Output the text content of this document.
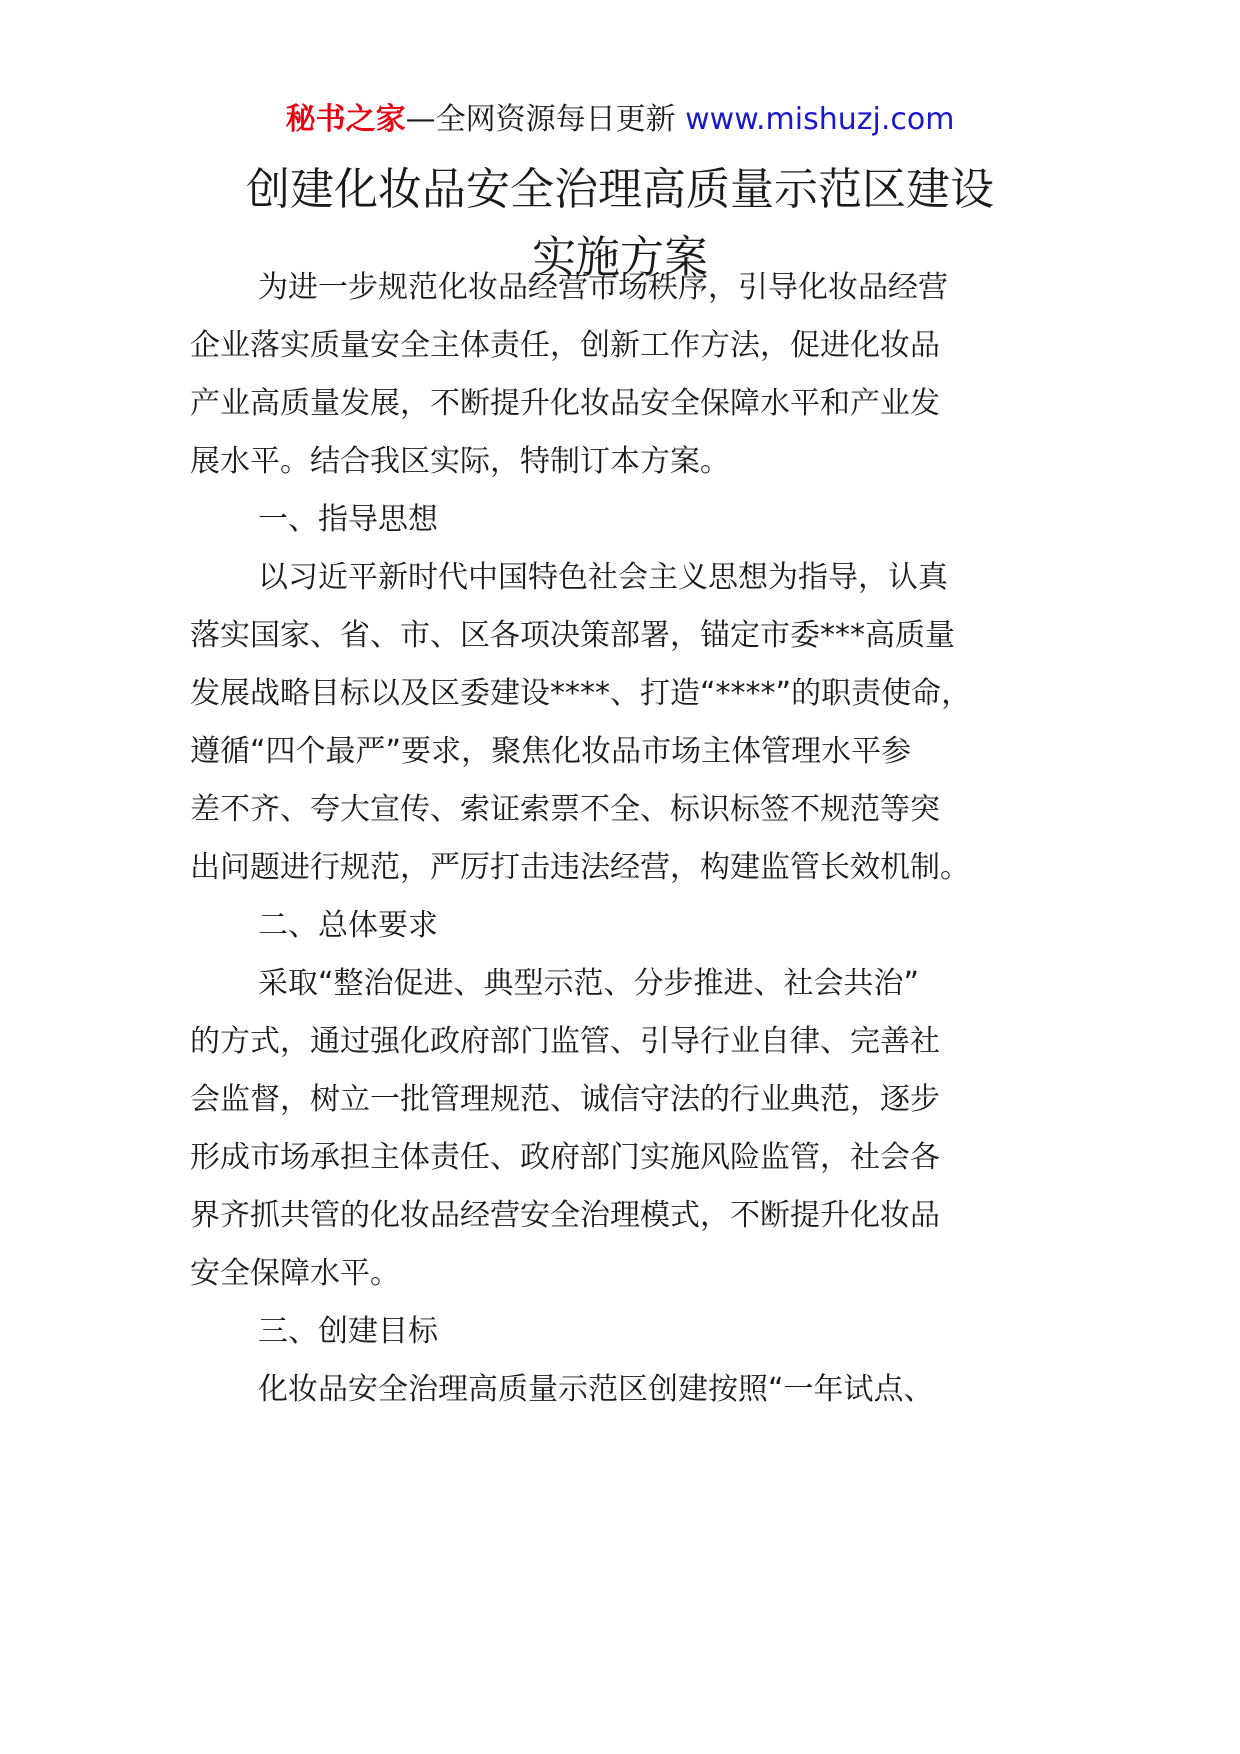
秘书之家—全网资源每日更新 www.mishuzj.com
创建化妆品安全治理高质量示范区建设
实施方案
为进一步规范化妆品经营市场秩序，引导化妆品经营
企业落实质量安全主体责任，创新工作方法，促进化妆品
产业高质量发展，不断提升化妆品安全保障水平和产业发
展水平。结合我区实际，特制订本方案。
一、指导思想
以习近平新时代中国特色社会主义思想为指导，认真
落实国家、省、市、区各项决策部署，锚定市委***高质量
发展战略目标以及区委建设****、打造“****”的职责使命，
遵循“四个最严”要求，聚焦化妆品市场主体管理水平参
差不齐、夸大宣传、索证索票不全、标识标签不规范等突
出问题进行规范，严厉打击违法经营，构建监管长效机制。
二、总体要求
采取“整治促进、典型示范、分步推进、社会共治”
的方式，通过强化政府部门监管、引导行业自律、完善社
会监督，树立一批管理规范、诚信守法的行业典范，逐步
形成市场承担主体责任、政府部门实施风险监管，社会各
界齐抓共管的化妆品经营安全治理模式，不断提升化妆品
安全保障水平。
三、创建目标
化妆品安全治理高质量示范区创建按照“一年试点、
